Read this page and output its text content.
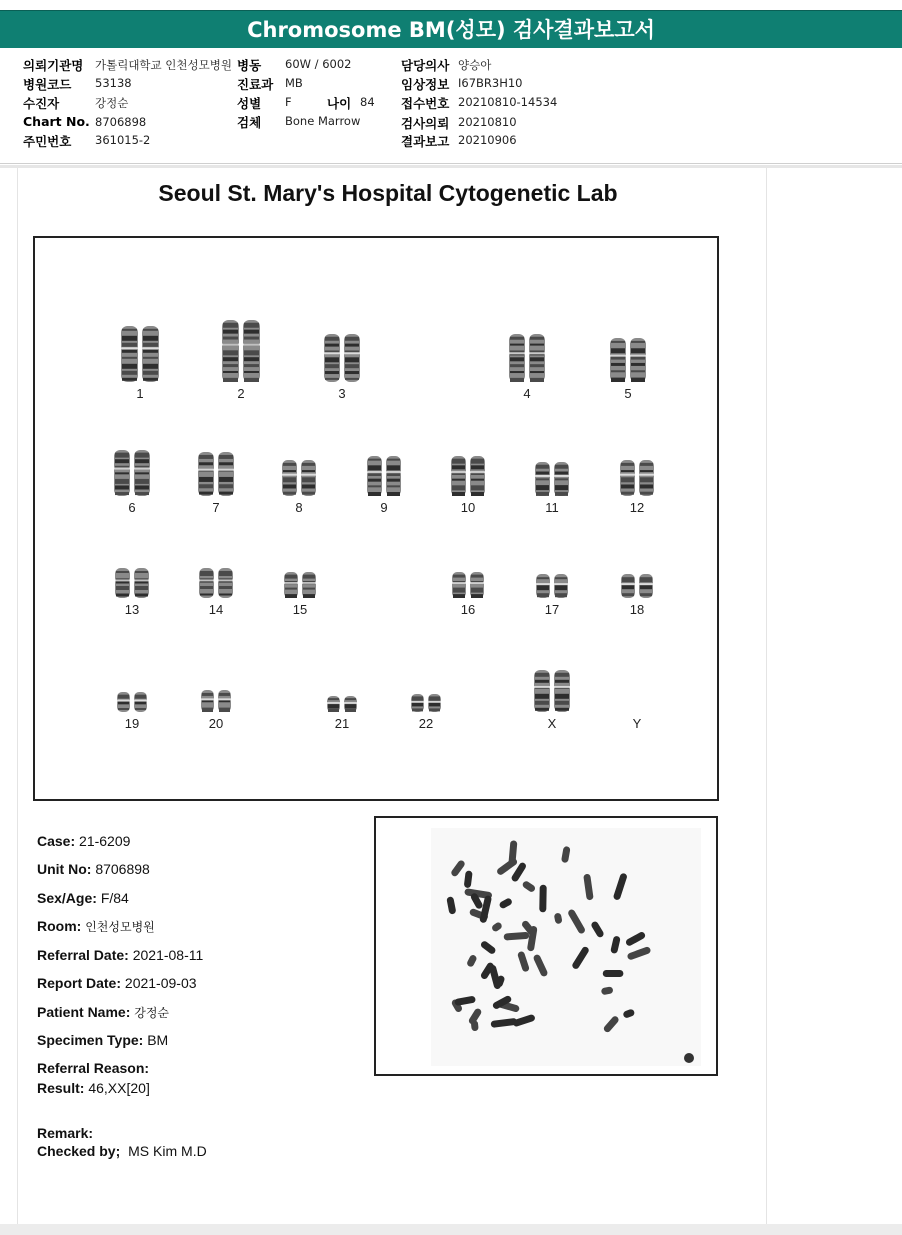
Chromosome BM(성모) 검사결과보고서
의뢰기관명 가톨릭대학교 인천성모병원
병원코드 53138
수진자	강정순
Chart No. 8706898
주민번호 361015-2
병동 60W / 6002
진료과 MB
성별 F	나이 84
검체 Bone Marrow
담당의사 양승아
임상정보 I67BR3H10
접수번호 20210810-14534
검사의뢰 20210810
결과보고 20210906
Seoul St. Mary's Hospital Cytogenetic Lab
1	2	3	4	5
6	7	8	9	10	11	12
13	14	15	16	17	18
19	20	21	22	X	Y
Case: 21-6209
Unit No: 8706898
Sex/Age: F/84
Room: 인천성모병원
Referral Date: 2021-08-11
Report Date: 2021-09-03
Patient Name: 강정순
Specimen Type: BM
Referral Reason:
Result: 46,XX[20]
Remark:
Checked by; MS Kim M.D
